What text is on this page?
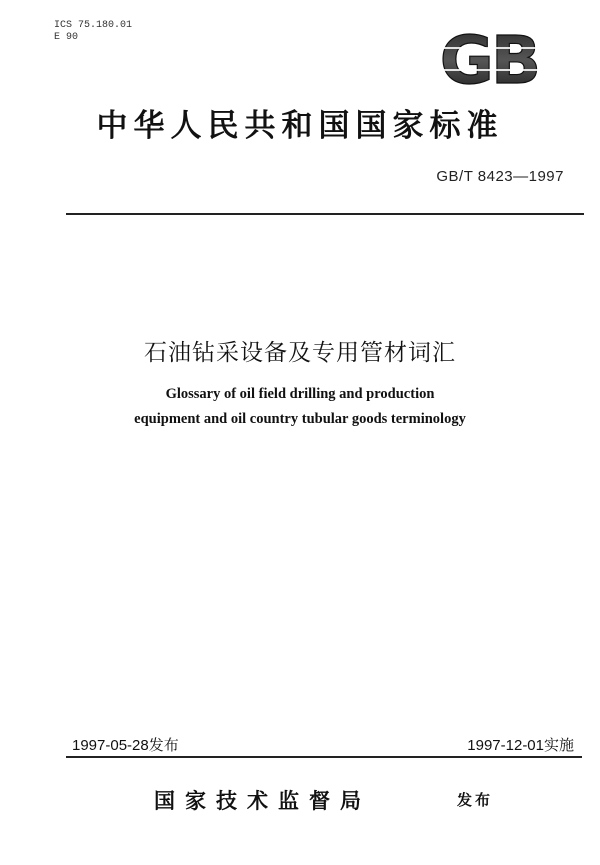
ICS 75.180.01
E 90	GB
中华人民共和国国家标准
GB/T 8423—1997
石油钻采设备及专用管材词汇
Glossary of oil field drilling and production
equipment and oil country tubular goods terminology
1997-05-28发布	1997-12-01实施
国家技术监督局	发布
